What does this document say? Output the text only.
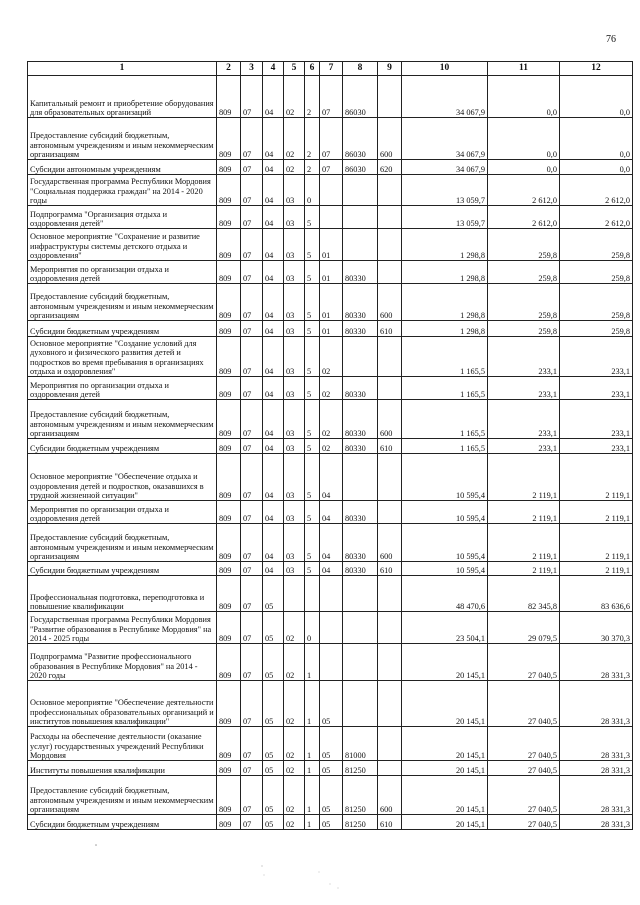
76
1	2	3	4	5	6	7	8	9	10	11	12
Капитальный ремонт и приобретение оборудования для образовательных организаций	809	07	04	02	2	07	86030		34 067,9	0,0	0,0
Предоставление субсидий бюджетным, автономным учреждениям и иным некоммерческим организациям	809	07	04	02	2	07	86030	600	34 067,9	0,0	0,0
Субсидии автономным учреждениям	809	07	04	02	2	07	86030	620	34 067,9	0,0	0,0
Государственная программа Республики Мордовия "Социальная поддержка граждан" на 2014 - 2020 годы	809	07	04	03	0				13 059,7	2 612,0	2 612,0
Подпрограмма "Организация отдыха и оздоровления детей"	809	07	04	03	5				13 059,7	2 612,0	2 612,0
Основное мероприятие "Сохранение и развитие инфраструктуры системы детского отдыха и оздоровления"	809	07	04	03	5	01			1 298,8	259,8	259,8
Мероприятия по организации отдыха и оздоровления детей	809	07	04	03	5	01	80330		1 298,8	259,8	259,8
Предоставление субсидий бюджетным, автономным учреждениям и иным некоммерческим организациям	809	07	04	03	5	01	80330	600	1 298,8	259,8	259,8
Субсидии бюджетным учреждениям	809	07	04	03	5	01	80330	610	1 298,8	259,8	259,8
Основное мероприятие "Создание условий для духовного и физического развития детей и подростков во время пребывания в организациях отдыха и оздоровления"	809	07	04	03	5	02			1 165,5	233,1	233,1
Мероприятия по организации отдыха и оздоровления детей	809	07	04	03	5	02	80330		1 165,5	233,1	233,1
Предоставление субсидий бюджетным, автономным учреждениям и иным некоммерческим организациям	809	07	04	03	5	02	80330	600	1 165,5	233,1	233,1
Субсидии бюджетным учреждениям	809	07	04	03	5	02	80330	610	1 165,5	233,1	233,1
Основное мероприятие "Обеспечение отдыха и оздоровления детей и подростков, оказавшихся в трудной жизненной ситуации"	809	07	04	03	5	04			10 595,4	2 119,1	2 119,1
Мероприятия по организации отдыха и оздоровления детей	809	07	04	03	5	04	80330		10 595,4	2 119,1	2 119,1
Предоставление субсидий бюджетным, автономным учреждениям и иным некоммерческим организациям	809	07	04	03	5	04	80330	600	10 595,4	2 119,1	2 119,1
Субсидии бюджетным учреждениям	809	07	04	03	5	04	80330	610	10 595,4	2 119,1	2 119,1
Профессиональная подготовка, переподготовка и повышение квалификации	809	07	05						48 470,6	82 345,8	83 636,6
Государственная программа Республики Мордовия "Развитие образования в Республике Мордовия" на 2014 - 2025 годы	809	07	05	02	0				23 504,1	29 079,5	30 370,3
Подпрограмма "Развитие профессионального образования в Республике Мордовия" на 2014 - 2020 годы	809	07	05	02	1				20 145,1	27 040,5	28 331,3
Основное мероприятие "Обеспечение деятельности профессиональных образовательных организаций и институтов повышения квалификации"	809	07	05	02	1	05			20 145,1	27 040,5	28 331,3
Расходы на обеспечение деятельности (оказание услуг) государственных учреждений Республики Мордовия	809	07	05	02	1	05	81000		20 145,1	27 040,5	28 331,3
Институты повышения квалификации	809	07	05	02	1	05	81250		20 145,1	27 040,5	28 331,3
Предоставление субсидий бюджетным, автономным учреждениям и иным некоммерческим организациям	809	07	05	02	1	05	81250	600	20 145,1	27 040,5	28 331,3
Субсидии бюджетным учреждениям	809	07	05	02	1	05	81250	610	20 145,1	27 040,5	28 331,3
